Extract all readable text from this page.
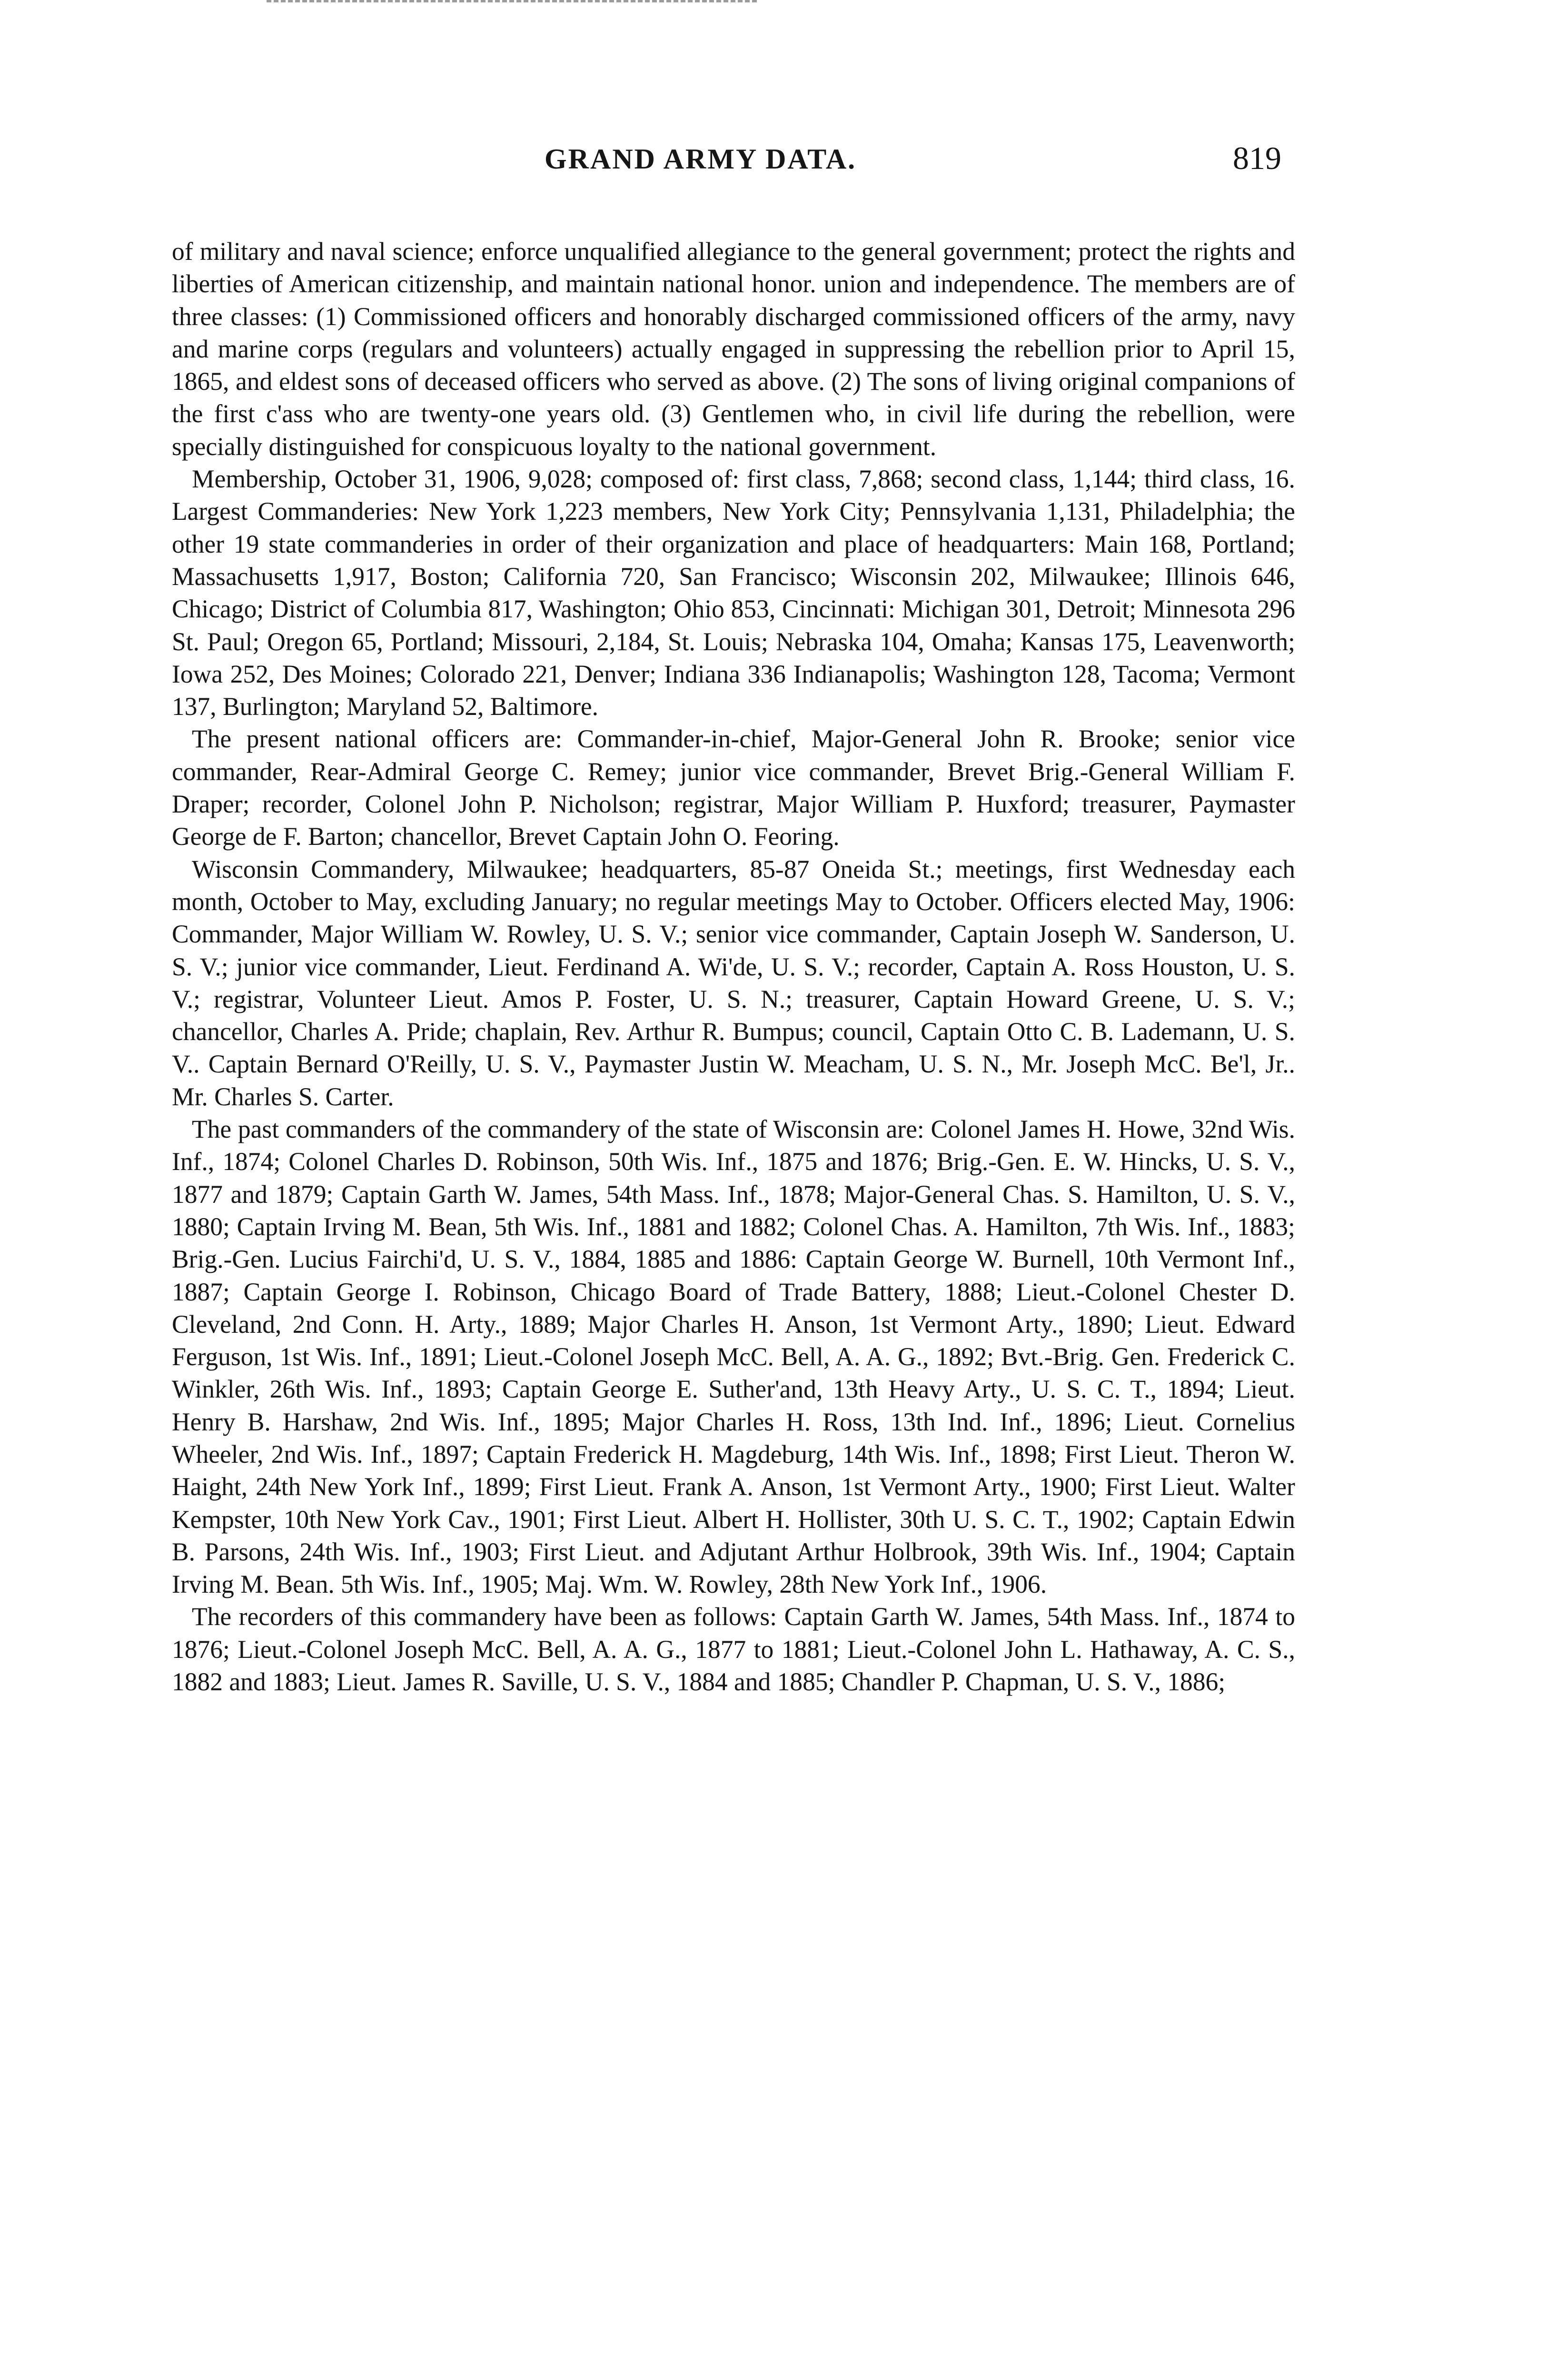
GRAND ARMY DATA.	819

of military and naval science; enforce unqualified allegiance to the general government; protect the rights and liberties of American citizenship, and maintain national honor. union and independence. The members are of three classes: (1) Commissioned officers and honorably discharged commissioned officers of the army, navy and marine corps (regulars and volunteers) actually engaged in suppressing the rebellion prior to April 15, 1865, and eldest sons of deceased officers who served as above. (2) The sons of living original companions of the first c'ass who are twenty-one years old. (3) Gentlemen who, in civil life during the rebellion, were specially distinguished for conspicuous loyalty to the national government.

Membership, October 31, 1906, 9,028; composed of: first class, 7,868; second class, 1,144; third class, 16. Largest Commanderies: New York 1,223 members, New York City; Pennsylvania 1,131, Philadelphia; the other 19 state commanderies in order of their organization and place of headquarters: Main 168, Portland; Massachusetts 1,917, Boston; California 720, San Francisco; Wisconsin 202, Milwaukee; Illinois 646, Chicago; District of Columbia 817, Washington; Ohio 853, Cincinnati: Michigan 301, Detroit; Minnesota 296 St. Paul; Oregon 65, Portland; Missouri, 2,184, St. Louis; Nebraska 104, Omaha; Kansas 175, Leavenworth; Iowa 252, Des Moines; Colorado 221, Denver; Indiana 336 Indianapolis; Washington 128, Tacoma; Vermont 137, Burlington; Maryland 52, Baltimore.

The present national officers are: Commander-in-chief, Major-General John R. Brooke; senior vice commander, Rear-Admiral George C. Remey; junior vice commander, Brevet Brig.-General William F. Draper; recorder, Colonel John P. Nicholson; registrar, Major William P. Huxford; treasurer, Paymaster George de F. Barton; chancellor, Brevet Captain John O. Feoring.

Wisconsin Commandery, Milwaukee; headquarters, 85-87 Oneida St.; meetings, first Wednesday each month, October to May, excluding January; no regular meetings May to October. Officers elected May, 1906: Commander, Major William W. Rowley, U. S. V.; senior vice commander, Captain Joseph W. Sanderson, U. S. V.; junior vice commander, Lieut. Ferdinand A. Wi'de, U. S. V.; recorder, Captain A. Ross Houston, U. S. V.; registrar, Volunteer Lieut. Amos P. Foster, U. S. N.; treasurer, Captain Howard Greene, U. S. V.; chancellor, Charles A. Pride; chaplain, Rev. Arthur R. Bumpus; council, Captain Otto C. B. Lademann, U. S. V.. Captain Bernard O'Reilly, U. S. V., Paymaster Justin W. Meacham, U. S. N., Mr. Joseph McC. Be'l, Jr.. Mr. Charles S. Carter.

The past commanders of the commandery of the state of Wisconsin are: Colonel James H. Howe, 32nd Wis. Inf., 1874; Colonel Charles D. Robinson, 50th Wis. Inf., 1875 and 1876; Brig.-Gen. E. W. Hincks, U. S. V., 1877 and 1879; Captain Garth W. James, 54th Mass. Inf., 1878; Major-General Chas. S. Hamilton, U. S. V., 1880; Captain Irving M. Bean, 5th Wis. Inf., 1881 and 1882; Colonel Chas. A. Hamilton, 7th Wis. Inf., 1883; Brig.-Gen. Lucius Fairchi'd, U. S. V., 1884, 1885 and 1886: Captain George W. Burnell, 10th Vermont Inf., 1887; Captain George I. Robinson, Chicago Board of Trade Battery, 1888; Lieut.-Colonel Chester D. Cleveland, 2nd Conn. H. Arty., 1889; Major Charles H. Anson, 1st Vermont Arty., 1890; Lieut. Edward Ferguson, 1st Wis. Inf., 1891; Lieut.-Colonel Joseph McC. Bell, A. A. G., 1892; Bvt.-Brig. Gen. Frederick C. Winkler, 26th Wis. Inf., 1893; Captain George E. Suther'and, 13th Heavy Arty., U. S. C. T., 1894; Lieut. Henry B. Harshaw, 2nd Wis. Inf., 1895; Major Charles H. Ross, 13th Ind. Inf., 1896; Lieut. Cornelius Wheeler, 2nd Wis. Inf., 1897; Captain Frederick H. Magdeburg, 14th Wis. Inf., 1898; First Lieut. Theron W. Haight, 24th New York Inf., 1899; First Lieut. Frank A. Anson, 1st Vermont Arty., 1900; First Lieut. Walter Kempster, 10th New York Cav., 1901; First Lieut. Albert H. Hollister, 30th U. S. C. T., 1902; Captain Edwin B. Parsons, 24th Wis. Inf., 1903; First Lieut. and Adjutant Arthur Holbrook, 39th Wis. Inf., 1904; Captain Irving M. Bean. 5th Wis. Inf., 1905; Maj. Wm. W. Rowley, 28th New York Inf., 1906.

The recorders of this commandery have been as follows: Captain Garth W. James, 54th Mass. Inf., 1874 to 1876; Lieut.-Colonel Joseph McC. Bell, A. A. G., 1877 to 1881; Lieut.-Colonel John L. Hathaway, A. C. S., 1882 and 1883; Lieut. James R. Saville, U. S. V., 1884 and 1885; Chandler P. Chapman, U. S. V., 1886;
